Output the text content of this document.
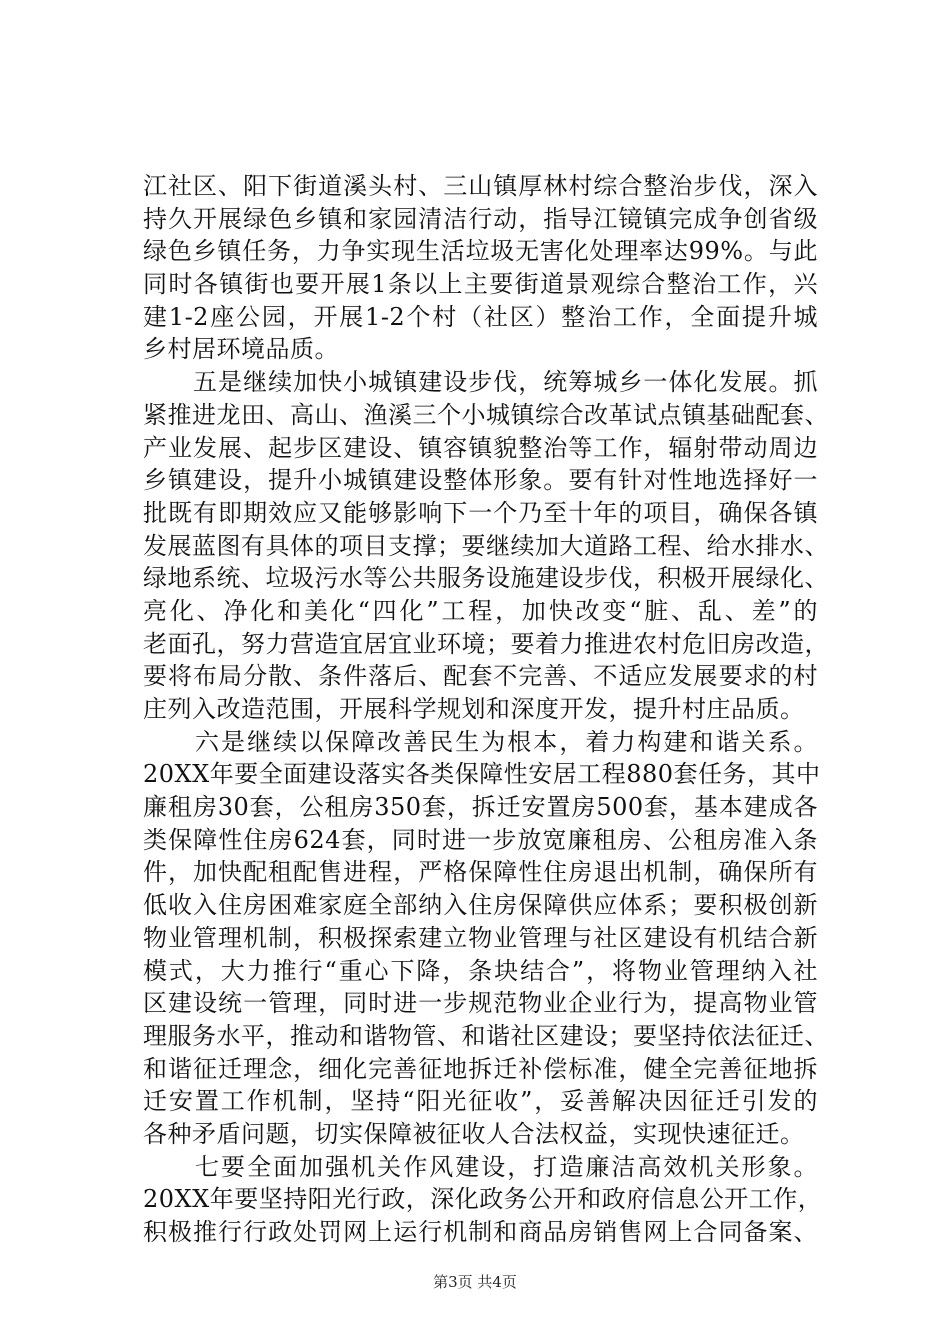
江社区、阳下街道溪头村、三山镇厚林村综合整治步伐，深入
持久开展绿色乡镇和家园清洁行动，指导江镜镇完成争创省级
绿色乡镇任务，力争实现生活垃圾无害化处理率达99%。与此
同时各镇街也要开展1条以上主要街道景观综合整治工作，兴
建1-2座公园，开展1-2个村（社区）整治工作，全面提升城
乡村居环境品质。
　　五是继续加快小城镇建设步伐，统筹城乡一体化发展。抓
紧推进龙田、高山、渔溪三个小城镇综合改革试点镇基础配套、
产业发展、起步区建设、镇容镇貌整治等工作，辐射带动周边
乡镇建设，提升小城镇建设整体形象。要有针对性地选择好一
批既有即期效应又能够影响下一个乃至十年的项目，确保各镇
发展蓝图有具体的项目支撑；要继续加大道路工程、给水排水、
绿地系统、垃圾污水等公共服务设施建设步伐，积极开展绿化、
亮化、净化和美化“四化”工程，加快改变“脏、乱、差”的
老面孔，努力营造宜居宜业环境；要着力推进农村危旧房改造，
要将布局分散、条件落后、配套不完善、不适应发展要求的村
庄列入改造范围，开展科学规划和深度开发，提升村庄品质。
　　六是继续以保障改善民生为根本，着力构建和谐关系。
20XX年要全面建设落实各类保障性安居工程880套任务，其中
廉租房30套，公租房350套，拆迁安置房500套，基本建成各
类保障性住房624套，同时进一步放宽廉租房、公租房准入条
件，加快配租配售进程，严格保障性住房退出机制，确保所有
低收入住房困难家庭全部纳入住房保障供应体系；要积极创新
物业管理机制，积极探索建立物业管理与社区建设有机结合新
模式，大力推行“重心下降，条块结合”，将物业管理纳入社
区建设统一管理，同时进一步规范物业企业行为，提高物业管
理服务水平，推动和谐物管、和谐社区建设；要坚持依法征迁、
和谐征迁理念，细化完善征地拆迁补偿标准，健全完善征地拆
迁安置工作机制，坚持“阳光征收”，妥善解决因征迁引发的
各种矛盾问题，切实保障被征收人合法权益，实现快速征迁。
　　七要全面加强机关作风建设，打造廉洁高效机关形象。
20XX年要坚持阳光行政，深化政务公开和政府信息公开工作，
积极推行行政处罚网上运行机制和商品房销售网上合同备案、
第3页 共4页
